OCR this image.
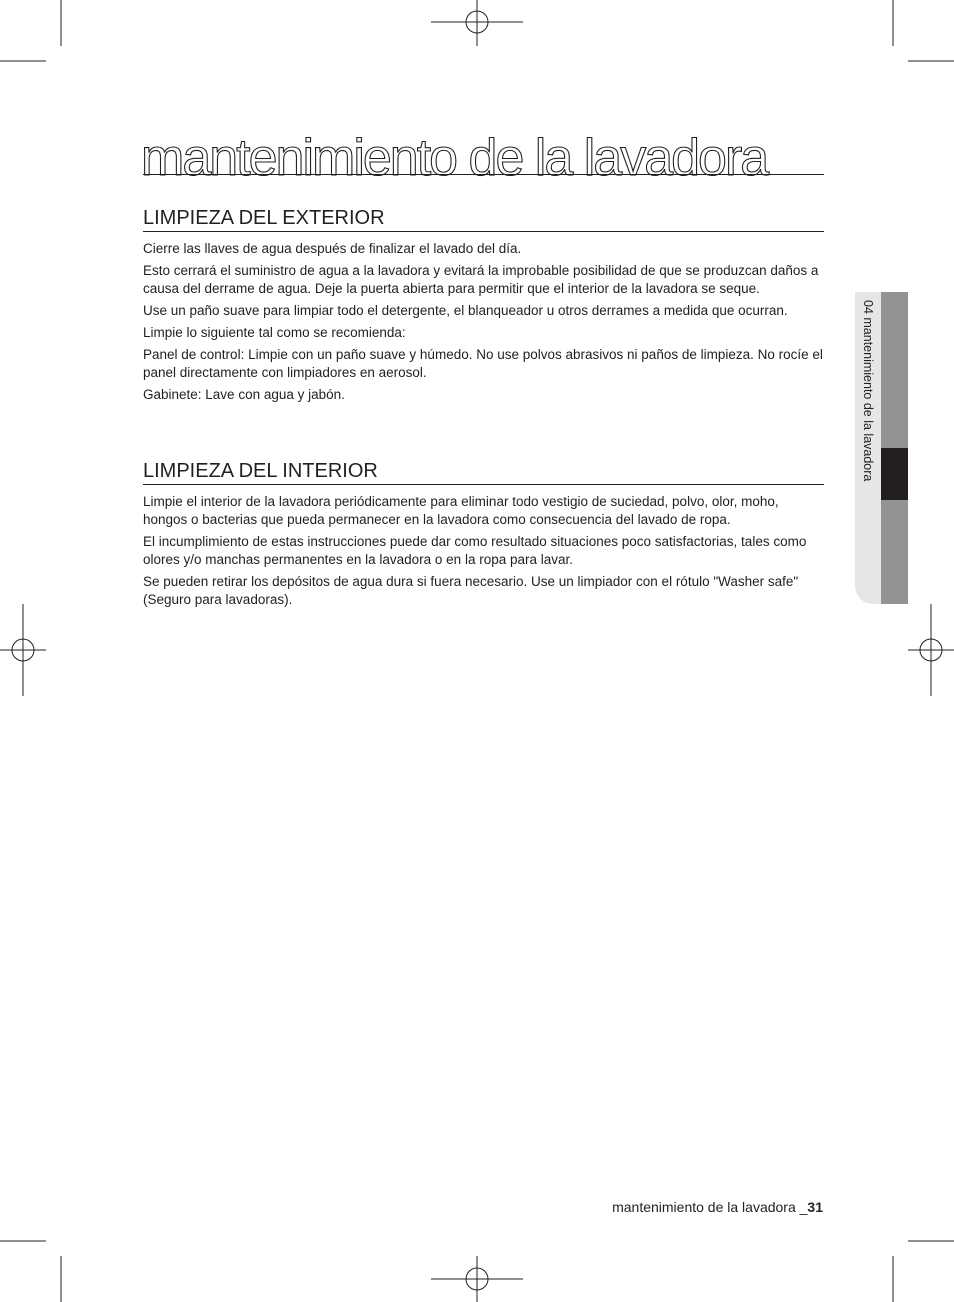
mantenimiento de la lavadora
LIMPIEZA DEL EXTERIOR

Cierre las llaves de agua después de finalizar el lavado del día.

Esto cerrará el suministro de agua a la lavadora y evitará la improbable posibilidad de que se produzcan daños a causa del derrame de agua. Deje la puerta abierta para permitir que el interior de la lavadora se seque.

Use un paño suave para limpiar todo el detergente, el blanqueador u otros derrames a medida que ocurran.

Limpie lo siguiente tal como se recomienda:

Panel de control: Limpie con un paño suave y húmedo. No use polvos abrasivos ni paños de limpieza. No rocíe el panel directamente con limpiadores en aerosol.

Gabinete: Lave con agua y jabón.

LIMPIEZA DEL INTERIOR

Limpie el interior de la lavadora periódicamente para eliminar todo vestigio de suciedad, polvo, olor, moho, hongos o bacterias que pueda permanecer en la lavadora como consecuencia del lavado de ropa.

El incumplimiento de estas instrucciones puede dar como resultado situaciones poco satisfactorias, tales como olores y/o manchas permanentes en la lavadora o en la ropa para lavar.

Se pueden retirar los depósitos de agua dura si fuera necesario. Use un limpiador con el rótulo "Washer safe" (Seguro para lavadoras).

04 mantenimiento de la lavadora
mantenimiento de la lavadora _31
